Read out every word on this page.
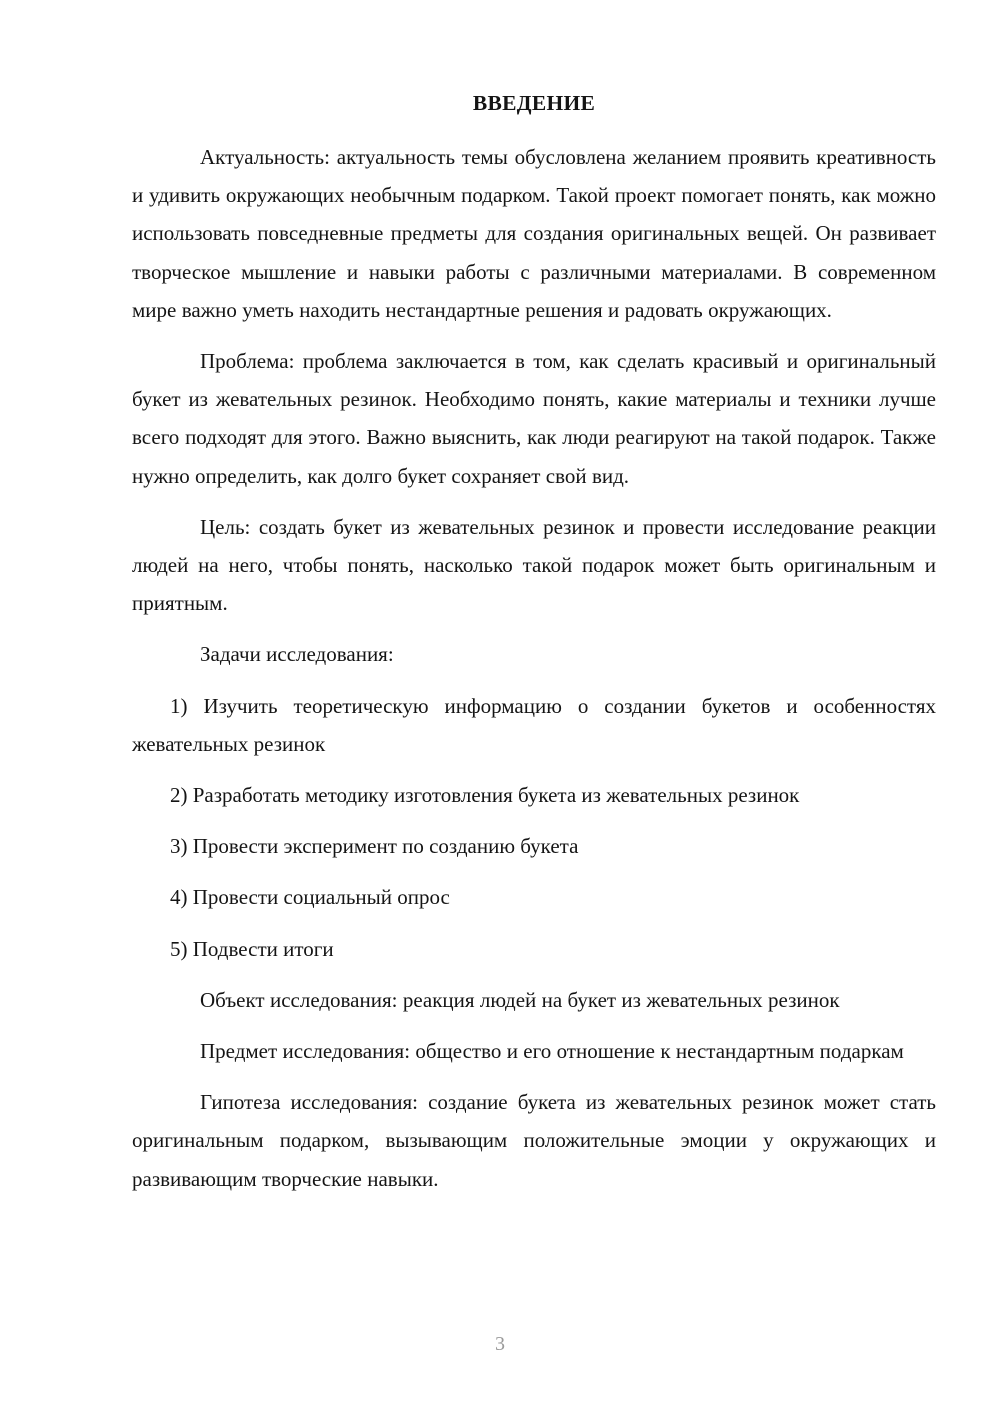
ВВЕДЕНИЕ

Актуальность: актуальность темы обусловлена желанием проявить креативность и удивить окружающих необычным подарком. Такой проект помогает понять, как можно использовать повседневные предметы для создания оригинальных вещей. Он развивает творческое мышление и навыки работы с различными материалами. В современном мире важно уметь находить нестандартные решения и радовать окружающих.

Проблема: проблема заключается в том, как сделать красивый и оригинальный букет из жевательных резинок. Необходимо понять, какие материалы и техники лучше всего подходят для этого. Важно выяснить, как люди реагируют на такой подарок. Также нужно определить, как долго букет сохраняет свой вид.

Цель: создать букет из жевательных резинок и провести исследование реакции людей на него, чтобы понять, насколько такой подарок может быть оригинальным и приятным.

Задачи исследования:

1) Изучить теоретическую информацию о создании букетов и особенностях жевательных резинок

2) Разработать методику изготовления букета из жевательных резинок

3) Провести эксперимент по созданию букета

4) Провести социальный опрос

5) Подвести итоги

Объект исследования: реакция людей на букет из жевательных резинок

Предмет исследования: общество и его отношение к нестандартным подаркам

Гипотеза исследования: создание букета из жевательных резинок может стать оригинальным подарком, вызывающим положительные эмоции у окружающих и развивающим творческие навыки.

3
